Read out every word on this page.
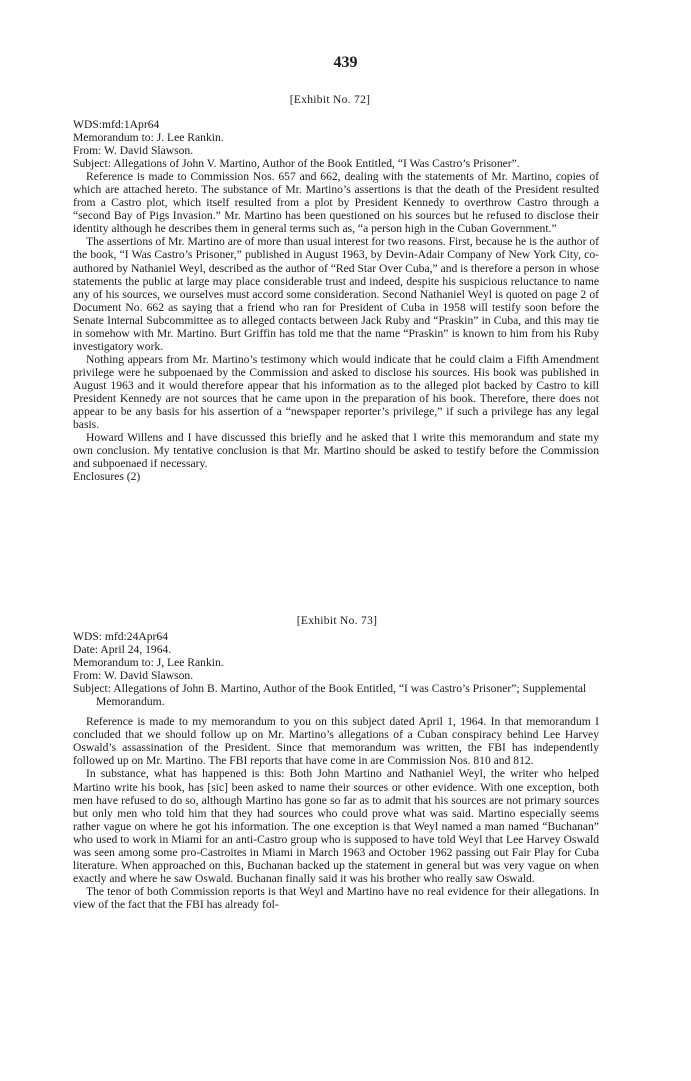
439
[Exhibit No. 72]
WDS:mfd:1Apr64
Memorandum to: J. Lee Rankin.
From: W. David Slawson.
Subject: Allegations of John V. Martino, Author of the Book Entitled, “I Was Castro’s Prisoner”.

Reference is made to Commission Nos. 657 and 662, dealing with the statements of Mr. Martino, copies of which are attached hereto. The substance of Mr. Martino’s assertions is that the death of the President resulted from a Castro plot, which itself resulted from a plot by President Kennedy to overthrow Castro through a “second Bay of Pigs Invasion.” Mr. Martino has been questioned on his sources but he refused to disclose their identity although he describes them in general terms such as, “a person high in the Cuban Government.”

The assertions of Mr. Martino are of more than usual interest for two reasons. First, because he is the author of the book, “I Was Castro’s Prisoner,” published in August 1963, by Devin-Adair Company of New York City, co-authored by Nathaniel Weyl, described as the author of “Red Star Over Cuba,” and is therefore a person in whose statements the public at large may place considerable trust and indeed, despite his suspicious reluctance to name any of his sources, we ourselves must accord some consideration. Second Nathaniel Weyl is quoted on page 2 of Document No. 662 as saying that a friend who ran for President of Cuba in 1958 will testify soon before the Senate Internal Subcommittee as to alleged contacts between Jack Ruby and “Praskin” in Cuba, and this may tie in somehow with Mr. Martino. Burt Griffin has told me that the name “Praskin” is known to him from his Ruby investigatory work.

Nothing appears from Mr. Martino’s testimony which would indicate that he could claim a Fifth Amendment privilege were he subpoenaed by the Commission and asked to disclose his sources. His book was published in August 1963 and it would therefore appear that his information as to the alleged plot backed by Castro to kill President Kennedy are not sources that he came upon in the preparation of his book. Therefore, there does not appear to be any basis for his assertion of a “newspaper reporter’s privilege,” if such a privilege has any legal basis.

Howard Willens and I have discussed this briefly and he asked that I write this memorandum and state my own conclusion. My tentative conclusion is that Mr. Martino should be asked to testify before the Commission and subpoenaed if necessary.

Enclosures (2)
[Exhibit No. 73]
WDS: mfd:24Apr64
Date: April 24, 1964.
Memorandum to: J, Lee Rankin.
From: W. David Slawson.
Subject: Allegations of John B. Martino, Author of the Book Entitled, “I was Castro’s Prisoner”; Supplemental Memorandum.

Reference is made to my memorandum to you on this subject dated April 1, 1964. In that memorandum I concluded that we should follow up on Mr. Martino’s allegations of a Cuban conspiracy behind Lee Harvey Oswald’s assassination of the President. Since that memorandum was written, the FBI has independently followed up on Mr. Martino. The FBI reports that have come in are Commission Nos. 810 and 812.

In substance, what has happened is this: Both John Martino and Nathaniel Weyl, the writer who helped Martino write his book, has [sic] been asked to name their sources or other evidence. With one exception, both men have refused to do so, although Martino has gone so far as to admit that his sources are not primary sources but only men who told him that they had sources who could prove what was said. Martino especially seems rather vague on where he got his information. The one exception is that Weyl named a man named “Buchanan” who used to work in Miami for an anti-Castro group who is supposed to have told Weyl that Lee Harvey Oswald was seen among some pro-Castroites in Miami in March 1963 and October 1962 passing out Fair Play for Cuba literature. When approached on this, Buchanan backed up the statement in general but was very vague on when exactly and where he saw Oswald. Buchanan finally said it was his brother who really saw Oswald.

The tenor of both Commission reports is that Weyl and Martino have no real evidence for their allegations. In view of the fact that the FBI has already fol-
